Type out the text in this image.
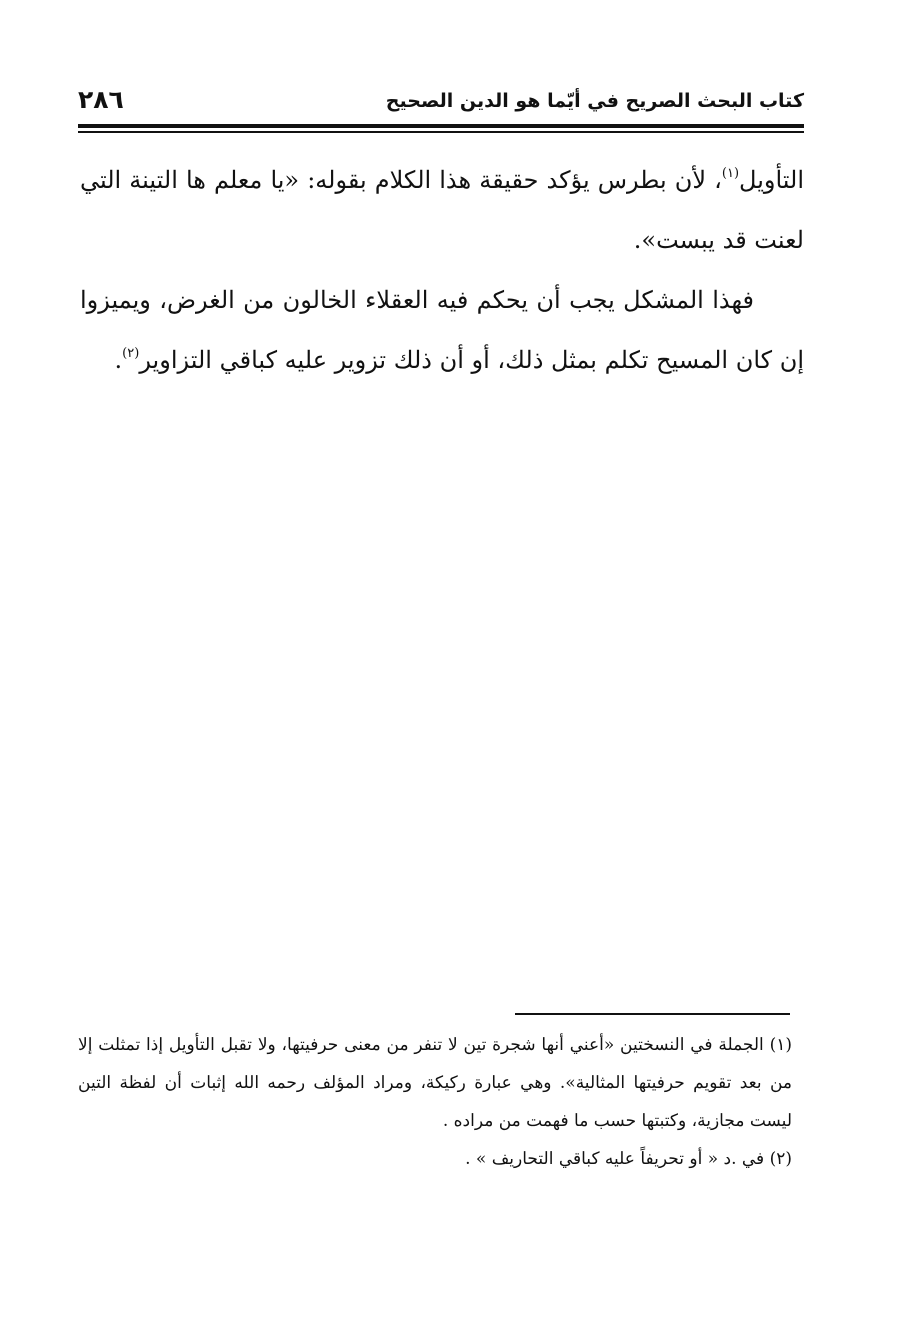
كتاب البحث الصريح في أيّما هو الدين الصحيح
٢٨٦

التأويل$^{(١)}$، لأن بطرس يؤكد حقيقة هذا الكلام بقوله: «يا معلم ها التينة التي لعنت قد يبست».

فهذا المشكل يجب أن يحكم فيه العقلاء الخالون من الغرض، ويميزوا إن كان المسيح تكلم بمثل ذلك، أو أن ذلك تزوير عليه كباقي التزاوير$^{(٢)}$.

(١) الجملة في النسختين «أعني أنها شجرة تين لا تنفر من معنى حرفيتها، ولا تقبل التأويل إذا تمثلت إلا من بعد تقويم حرفيتها المثالية». وهي عبارة ركيكة، ومراد المؤلف رحمه الله إثبات أن لفظة التين ليست مجازية، وكتبتها حسب ما فهمت من مراده .

(٢) في .د « أو تحريفاً عليه كباقي التحاريف » .
